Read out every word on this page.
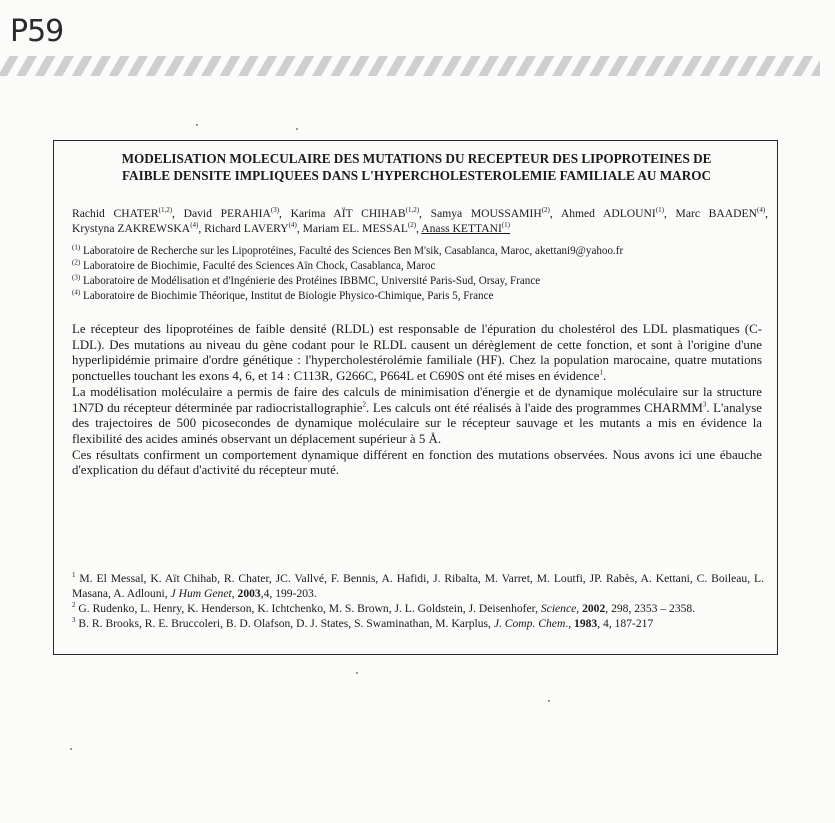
P59
MODELISATION MOLECULAIRE DES MUTATIONS DU RECEPTEUR DES LIPOPROTEINES DE
FAIBLE DENSITE IMPLIQUEES DANS L'HYPERCHOLESTEROLEMIE FAMILIALE AU MAROC
Rachid CHATER$^{(1,2)}$, David PERAHIA$^{(3)}$, Karima AÏT CHIHAB$^{(1,2)}$, Samya MOUSSAMIH$^{(2)}$, Ahmed ADLOUNI$^{(1)}$, Marc BAADEN$^{(4)}$, Krystyna ZAKREWSKA$^{(4)}$, Richard LAVERY$^{(4)}$, Mariam EL. MESSAL$^{(2)}$, Anass KETTANI$^{(1)}$
$^{(1)}$ Laboratoire de Recherche sur les Lipoprotéines, Faculté des Sciences Ben M'sik, Casablanca, Maroc, akettani9@yahoo.fr
$^{(2)}$ Laboratoire de Biochimie, Faculté des Sciences Aïn Chock, Casablanca, Maroc
$^{(3)}$ Laboratoire de Modélisation et d'Ingénierie des Protéines IBBMC, Université Paris-Sud, Orsay, France
$^{(4)}$ Laboratoire de Biochimie Théorique, Institut de Biologie Physico-Chimique, Paris 5, France

Le récepteur des lipoprotéines de faible densité (RLDL) est responsable de l'épuration du cholestérol des LDL plasmatiques (C-LDL). Des mutations au niveau du gène codant pour le RLDL causent un dérèglement de cette fonction, et sont à l'origine d'une hyperlipidémie primaire d'ordre génétique : l'hypercholestérolémie familiale (HF). Chez la population marocaine, quatre mutations ponctuelles touchant les exons 4, 6, et 14 : C113R, G266C, P664L et C690S ont été mises en évidence$^1$.

La modélisation moléculaire a permis de faire des calculs de minimisation d'énergie et de dynamique moléculaire sur la structure 1N7D du récepteur déterminée par radiocristallographie$^2$. Les calculs ont été réalisés à l'aide des programmes CHARMM$^3$. L'analyse des trajectoires de 500 picosecondes de dynamique moléculaire sur le récepteur sauvage et les mutants a mis en évidence la flexibilité des acides aminés observant un déplacement supérieur à 5 Å.

Ces résultats confirment un comportement dynamique différent en fonction des mutations observées. Nous avons ici une ébauche d'explication du défaut d'activité du récepteur muté.

$^1$ M. El Messal, K. Aït Chihab, R. Chater, JC. Vallvé, F. Bennis, A. Hafidi, J. Ribalta, M. Varret, M. Loutfi, JP. Rabès, A. Kettani, C. Boileau, L. Masana, A. Adlouni, J Hum Genet, 2003,4, 199-203.

$^2$ G. Rudenko, L. Henry, K. Henderson, K. Ichtchenko, M. S. Brown, J. L. Goldstein, J. Deisenhofer, Science, 2002, 298, 2353 – 2358.

$^3$ B. R. Brooks, R. E. Bruccoleri, B. D. Olafson, D. J. States, S. Swaminathan, M. Karplus, J. Comp. Chem., 1983, 4, 187-217
